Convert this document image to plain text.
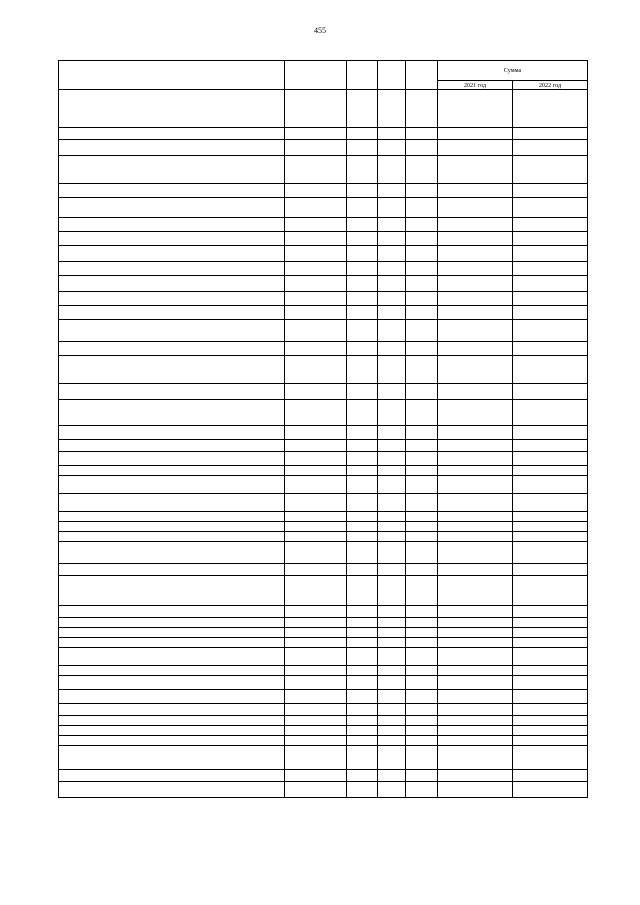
455
					Сумма	
					2021 год	2022 год
